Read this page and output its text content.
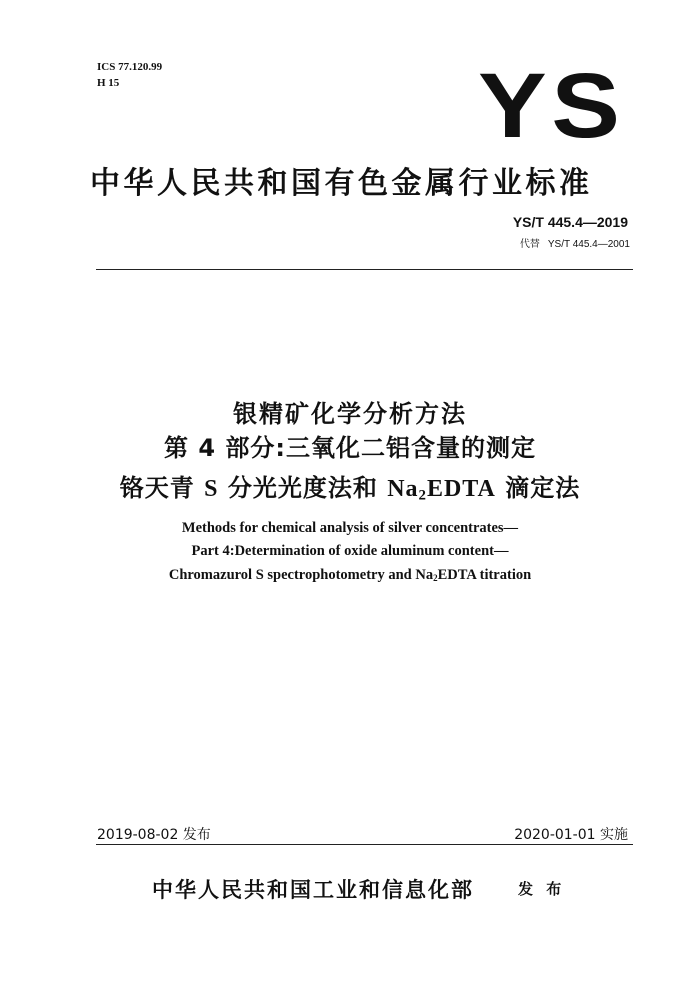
ICS 77.120.99
H 15	YS
中华人民共和国有色金属行业标准
YS/T 445.4—2019
代替 YS/T 445.4—2001
银精矿化学分析方法
第 4 部分:三氧化二铝含量的测定
铬天青 S 分光光度法和 $Na_2EDTA$ 滴定法
Methods for chemical analysis of silver concentrates—
Part 4:Determination of oxide aluminum content—
Chromazurol S spectrophotometry and $Na_2EDTA$ titration
2019-08-02 发布	2020-01-01 实施
中华人民共和国工业和信息化部	发 布
